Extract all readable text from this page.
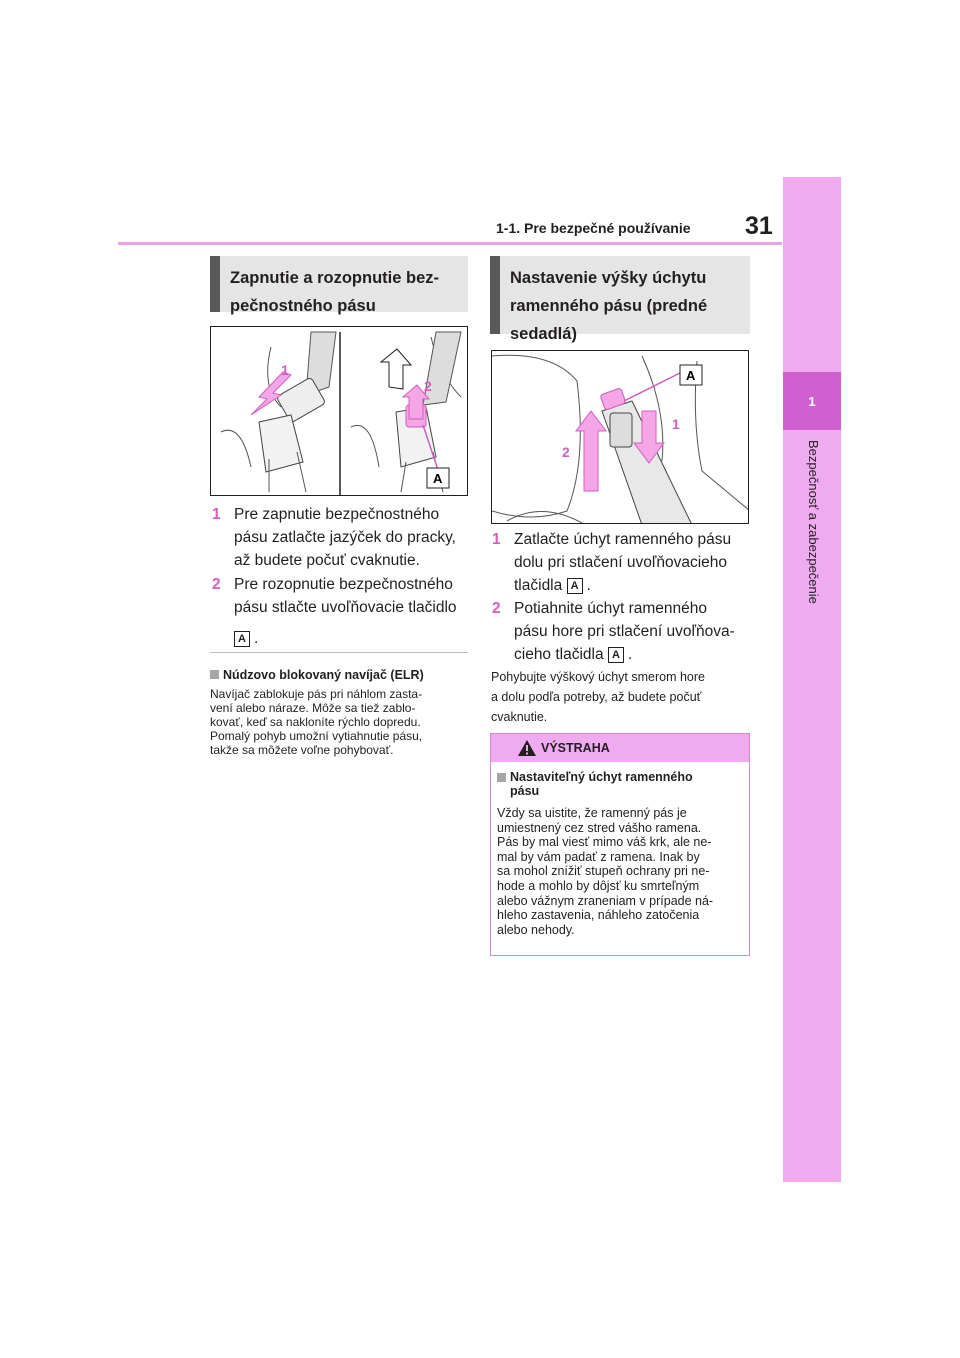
1-1. Pre bezpečné používanie 31
1
Bezpečnosť a zabezpečenie
Zapnutie a rozopnutie bez-
pečnostného pásu
1
2
A
1 Pre zapnutie bezpečnostného
pásu zatlačte jazýček do pracky,
až budete počuť cvaknutie.
2 Pre rozopnutie bezpečnostného
pásu stlačte uvoľňovacie tlačidlo
A .
Núdzovo blokovaný navíjač (ELR)
Navíjač zablokuje pás pri náhlom zasta-
vení alebo náraze. Môže sa tiež zablo-
kovať, keď sa nakloníte rýchlo dopredu.
Pomalý pohyb umožní vytiahnutie pásu,
takže sa môžete voľne pohybovať.
Nastavenie výšky úchytu
ramenného pásu (predné
sedadlá)
A
1
2
1 Zatlačte úchyt ramenného pásu
dolu pri stlačení uvoľňovacieho
tlačidla A .
2 Potiahnite úchyt ramenného
pásu hore pri stlačení uvoľňova-
cieho tlačidla A .
Pohybujte výškový úchyt smerom hore
a dolu podľa potreby, až budete počuť
cvaknutie.
VÝSTRAHA
Nastaviteľný úchyt ramenného
pásu
Vždy sa uistite, že ramenný pás je
umiestnený cez stred vášho ramena.
Pás by mal viesť mimo váš krk, ale ne-
mal by vám padať z ramena. Inak by
sa mohol znížiť stupeň ochrany pri ne-
hode a mohlo by dôjsť ku smrteľným
alebo vážnym zraneniam v prípade ná-
hleho zastavenia, náhleho zatočenia
alebo nehody.
